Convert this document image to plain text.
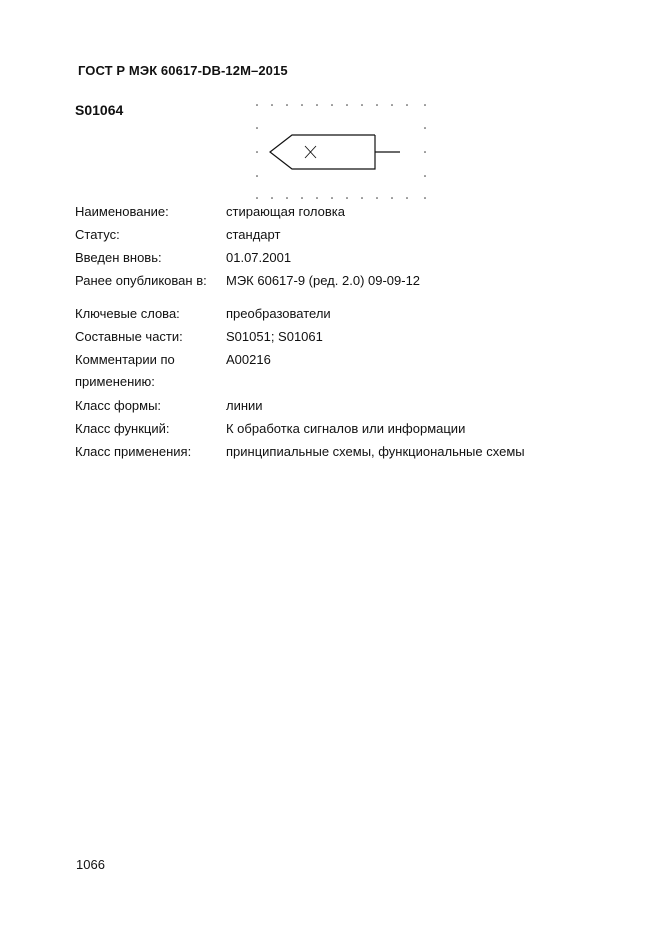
ГОСТ Р МЭК 60617-DB-12M–2015
S01064
Наименование:	стирающая головка
Статус:	стандарт
Введен вновь:	01.07.2001
Ранее опубликован в: МЭК 60617-9 (ред. 2.0) 09-09-12
Ключевые слова:	преобразователи
Составные части:	S01051; S01061
Комментарии по
применению:
A00216
Класс формы:	линии
Класс функций:	К обработка сигналов или информации
Класс применения:	принципиальные схемы, функциональные схемы
1066
